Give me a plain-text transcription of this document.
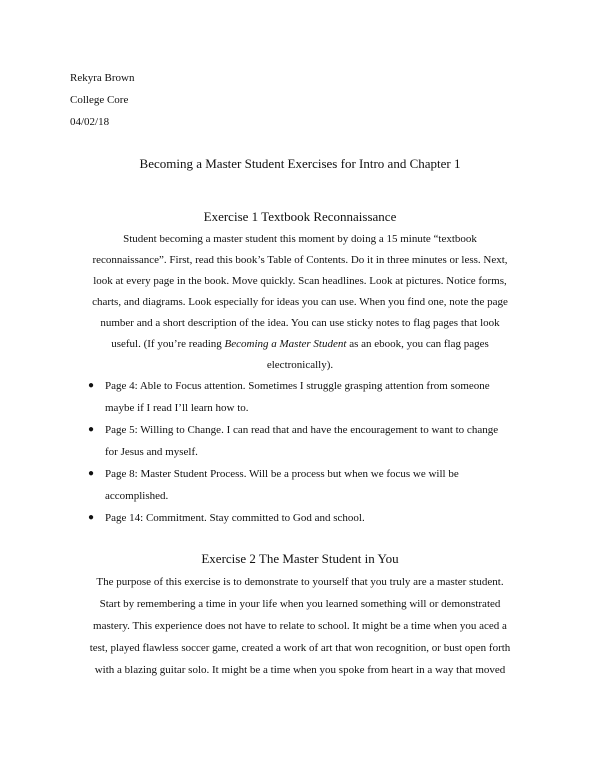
Rekyra Brown
College Core
04/02/18
Becoming a Master Student Exercises for Intro and Chapter 1
Exercise 1 Textbook Reconnaissance
Student becoming a master student this moment by doing a 15 minute “textbook
reconnaissance”. First, read this book’s Table of Contents. Do it in three minutes or less. Next,
look at every page in the book. Move quickly. Scan headlines. Look at pictures. Notice forms,
charts, and diagrams. Look especially for ideas you can use. When you find one, note the page
number and a short description of the idea. You can use sticky notes to flag pages that look
useful. (If you’re reading Becoming a Master Student as an ebook, you can flag pages
electronically).
● Page 4: Able to Focus attention. Sometimes I struggle grasping attention from someone
maybe if I read I’ll learn how to.
● Page 5: Willing to Change. I can read that and have the encouragement to want to change
for Jesus and myself.
● Page 8: Master Student Process. Will be a process but when we focus we will be
accomplished.
● Page 14: Commitment. Stay committed to God and school.
Exercise 2 The Master Student in You
The purpose of this exercise is to demonstrate to yourself that you truly are a master student.
Start by remembering a time in your life when you learned something will or demonstrated
mastery. This experience does not have to relate to school. It might be a time when you aced a
test, played flawless soccer game, created a work of art that won recognition, or bust open forth
with a blazing guitar solo. It might be a time when you spoke from heart in a way that moved
